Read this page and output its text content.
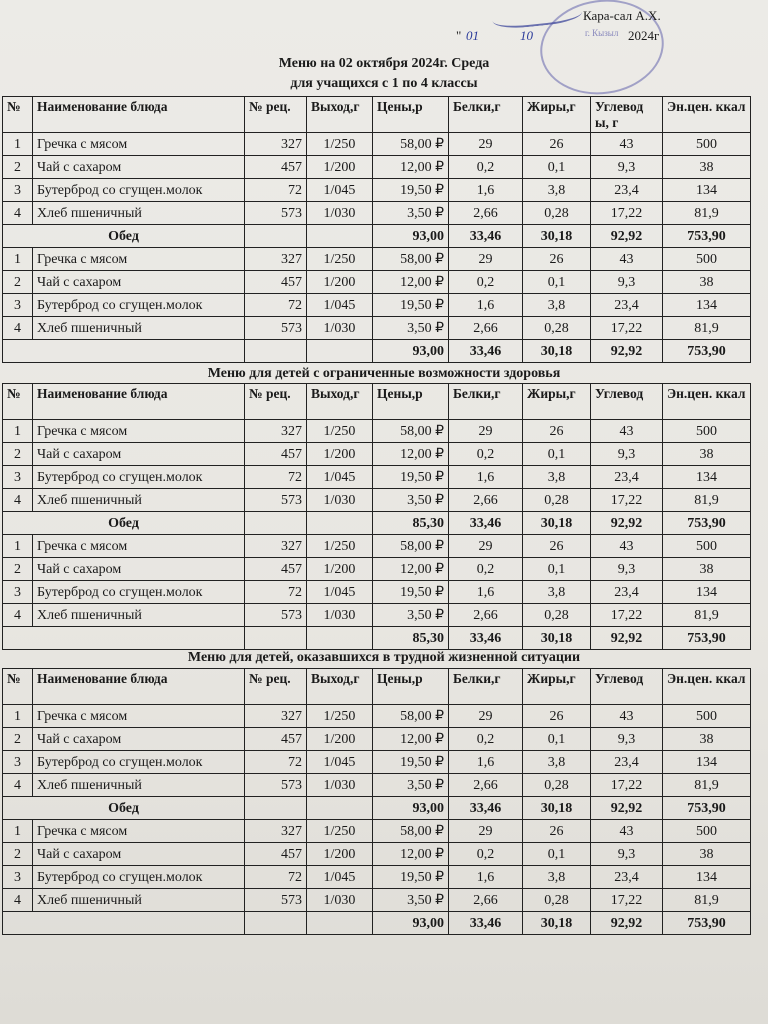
г. Кызыл
Кара-сал А.Х.
" 01	10	2024г
Меню на 02 октября 2024г. Среда
для учащихся с 1 по 4 классы
№	Наименование блюда	№ рец.	Выход,г	Цены,р	Белки,г	Жиры,г	Углевод ы, г	Эн.цен. ккал
1	Гречка с мясом	327	1/250	58,00 ₽	29	26	43	500
2	Чай с сахаром	457	1/200	12,00 ₽	0,2	0,1	9,3	38
3	Бутерброд со сгущен.молок	72	1/045	19,50 ₽	1,6	3,8	23,4	134
4	Хлеб пшеничный	573	1/030	3,50 ₽	2,66	0,28	17,22	81,9
Обед				93,00	33,46	30,18	92,92	753,90
1	Гречка с мясом	327	1/250	58,00 ₽	29	26	43	500
2	Чай с сахаром	457	1/200	12,00 ₽	0,2	0,1	9,3	38
3	Бутерброд со сгущен.молок	72	1/045	19,50 ₽	1,6	3,8	23,4	134
4	Хлеб пшеничный	573	1/030	3,50 ₽	2,66	0,28	17,22	81,9
				93,00	33,46	30,18	92,92	753,90
Меню для детей с ограниченные возможности здоровья
№	Наименование блюда	№ рец.	Выход,г	Цены,р	Белки,г	Жиры,г	Углевод	Эн.цен. ккал
1	Гречка с мясом	327	1/250	58,00 ₽	29	26	43	500
2	Чай с сахаром	457	1/200	12,00 ₽	0,2	0,1	9,3	38
3	Бутерброд со сгущен.молок	72	1/045	19,50 ₽	1,6	3,8	23,4	134
4	Хлеб пшеничный	573	1/030	3,50 ₽	2,66	0,28	17,22	81,9
Обед				85,30	33,46	30,18	92,92	753,90
1	Гречка с мясом	327	1/250	58,00 ₽	29	26	43	500
2	Чай с сахаром	457	1/200	12,00 ₽	0,2	0,1	9,3	38
3	Бутерброд со сгущен.молок	72	1/045	19,50 ₽	1,6	3,8	23,4	134
4	Хлеб пшеничный	573	1/030	3,50 ₽	2,66	0,28	17,22	81,9
				85,30	33,46	30,18	92,92	753,90
Меню для детей, оказавшихся в трудной жизненной ситуации
№	Наименование блюда	№ рец.	Выход,г	Цены,р	Белки,г	Жиры,г	Углевод	Эн.цен. ккал
1	Гречка с мясом	327	1/250	58,00 ₽	29	26	43	500
2	Чай с сахаром	457	1/200	12,00 ₽	0,2	0,1	9,3	38
3	Бутерброд со сгущен.молок	72	1/045	19,50 ₽	1,6	3,8	23,4	134
4	Хлеб пшеничный	573	1/030	3,50 ₽	2,66	0,28	17,22	81,9
Обед				93,00	33,46	30,18	92,92	753,90
1	Гречка с мясом	327	1/250	58,00 ₽	29	26	43	500
2	Чай с сахаром	457	1/200	12,00 ₽	0,2	0,1	9,3	38
3	Бутерброд со сгущен.молок	72	1/045	19,50 ₽	1,6	3,8	23,4	134
4	Хлеб пшеничный	573	1/030	3,50 ₽	2,66	0,28	17,22	81,9
				93,00	33,46	30,18	92,92	753,90
